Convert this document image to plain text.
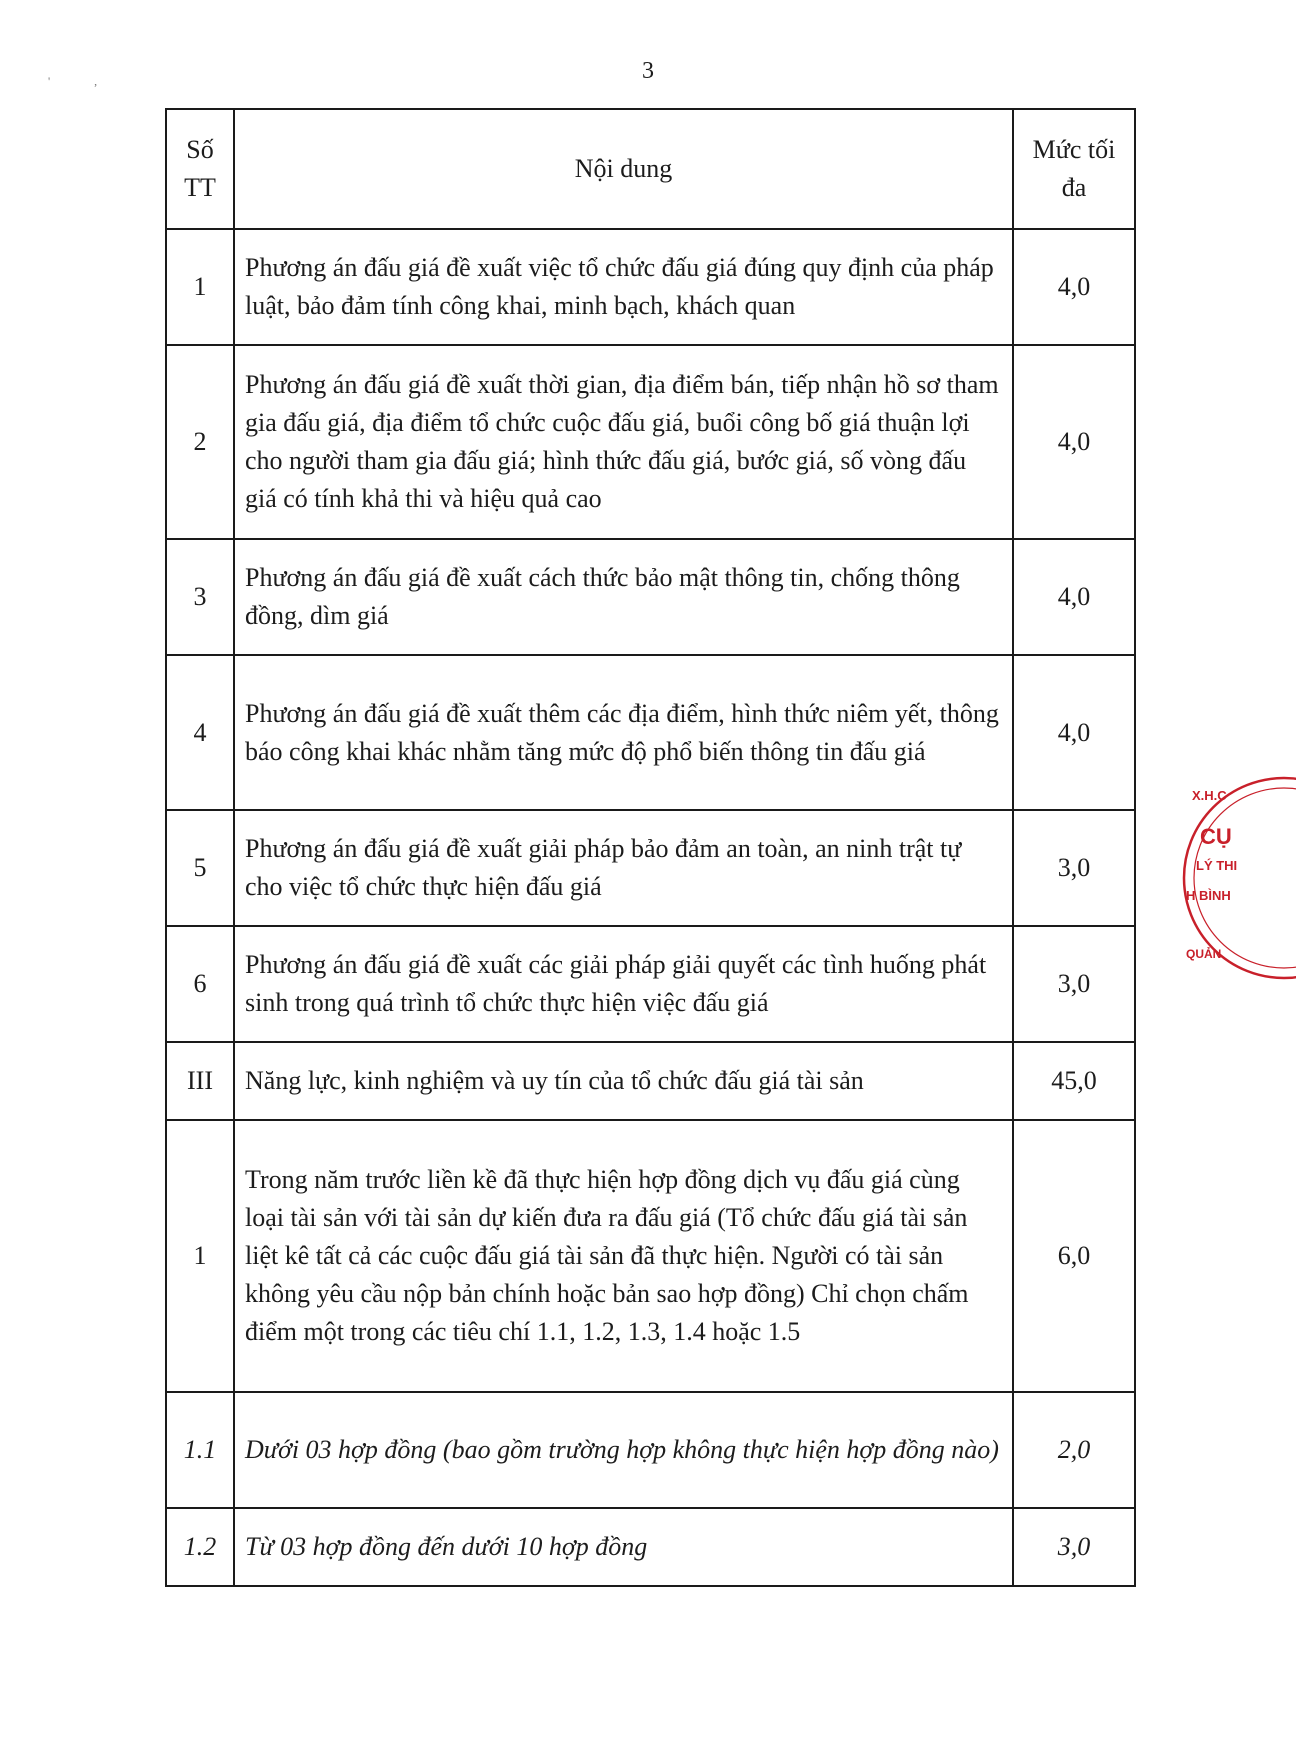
'	,	3
Số TT	Nội dung	Mức tối đa
1	Phương án đấu giá đề xuất việc tổ chức đấu giá đúng quy định của pháp luật, bảo đảm tính công khai, minh bạch, khách quan	4,0
2	Phương án đấu giá đề xuất thời gian, địa điểm bán, tiếp nhận hồ sơ tham gia đấu giá, địa điểm tổ chức cuộc đấu giá, buổi công bố giá thuận lợi cho người tham gia đấu giá; hình thức đấu giá, bước giá, số vòng đấu giá có tính khả thi và hiệu quả cao	4,0
3	Phương án đấu giá đề xuất cách thức bảo mật thông tin, chống thông đồng, dìm giá	4,0
4	Phương án đấu giá đề xuất thêm các địa điểm, hình thức niêm yết, thông báo công khai khác nhằm tăng mức độ phổ biến thông tin đấu giá	4,0
5	Phương án đấu giá đề xuất giải pháp bảo đảm an toàn, an ninh trật tự cho việc tổ chức thực hiện đấu giá	3,0
6	Phương án đấu giá đề xuất các giải pháp giải quyết các tình huống phát sinh trong quá trình tổ chức thực hiện việc đấu giá	3,0
III	Năng lực, kinh nghiệm và uy tín của tổ chức đấu giá tài sản	45,0
1	Trong năm trước liền kề đã thực hiện hợp đồng dịch vụ đấu giá cùng loại tài sản với tài sản dự kiến đưa ra đấu giá (Tổ chức đấu giá tài sản liệt kê tất cả các cuộc đấu giá tài sản đã thực hiện. Người có tài sản không yêu cầu nộp bản chính hoặc bản sao hợp đồng) Chỉ chọn chấm điểm một trong các tiêu chí 1.1, 1.2, 1.3, 1.4 hoặc 1.5	6,0
1.1	Dưới 03 hợp đồng (bao gồm trường hợp không thực hiện hợp đồng nào)	2,0
1.2	Từ 03 hợp đồng đến dưới 10 hợp đồng	3,0
X.H.C
CỤ
LÝ THI
H BÌNH
QUẢN
